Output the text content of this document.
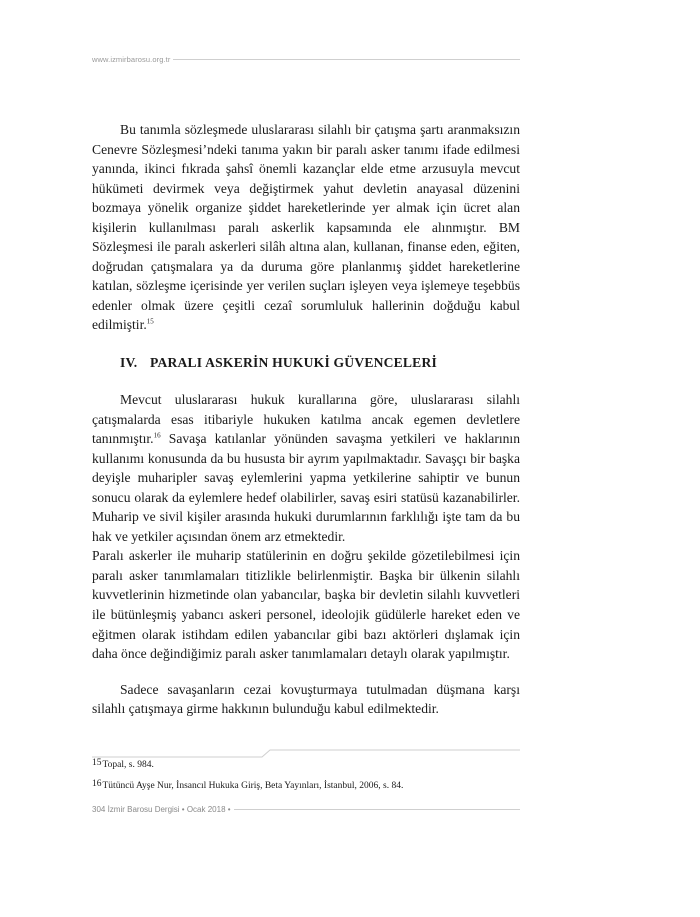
www.izmirbarosu.org.tr

Bu tanımla sözleşmede uluslararası silahlı bir çatışma şartı aranmaksızın Cenevre Sözleşmesi’ndeki tanıma yakın bir paralı asker tanımı ifade edilmesi yanında, ikinci fıkrada şahsî önemli kazançlar elde etme arzusuyla mevcut hükümeti devirmek veya değiştirmek yahut devletin anayasal düzenini bozmaya yönelik organize şiddet hareketlerinde yer almak için ücret alan kişilerin kullanılması paralı askerlik kapsamında ele alınmıştır. BM Sözleşmesi ile paralı askerleri silâh altına alan, kullanan, finanse eden, eğiten, doğrudan çatışmalara ya da duruma göre planlanmış şiddet hareketlerine katılan, sözleşme içerisinde yer verilen suçları işleyen veya işlemeye teşebbüs edenler olmak üzere çeşitli cezaî sorumluluk hallerinin doğduğu kabul edilmiştir.$^{15}$

IV. PARALI ASKERİN HUKUKİ GÜVENCELERİ

Mevcut uluslararası hukuk kurallarına göre, uluslararası silahlı çatışmalarda esas itibariyle hukuken katılma ancak egemen devletlere tanınmıştır.$^{16}$ Savaşa katılanlar yönünden savaşma yetkileri ve haklarının kullanımı konusunda da bu hususta bir ayrım yapılmaktadır. Savaşçı bir başka deyişle muharipler savaş eylemlerini yapma yetkilerine sahiptir ve bunun sonucu olarak da eylemlere hedef olabilirler, savaş esiri statüsü kazanabilirler. Muharip ve sivil kişiler arasında hukuki durumlarının farklılığı işte tam da bu hak ve yetkiler açısından önem arz etmektedir.

Paralı askerler ile muharip statülerinin en doğru şekilde gözetilebilmesi için paralı asker tanımlamaları titizlikle belirlenmiştir. Başka bir ülkenin silahlı kuvvetlerinin hizmetinde olan yabancılar, başka bir devletin silahlı kuvvetleri ile bütünleşmiş yabancı askeri personel, ideolojik güdülerle hareket eden ve eğitmen olarak istihdam edilen yabancılar gibi bazı aktörleri dışlamak için daha önce değindiğimiz paralı asker tanımlamaları detaylı olarak yapılmıştır.

Sadece savaşanların cezai kovuşturmaya tutulmadan düşmana karşı silahlı çatışmaya girme hakkının bulunduğu kabul edilmektedir.

15Topal, s. 984.

16Tütüncü Ayşe Nur, İnsancıl Hukuka Giriş, Beta Yayınları, İstanbul, 2006, s. 84.

304 İzmir Barosu Dergisi • Ocak 2018 •
